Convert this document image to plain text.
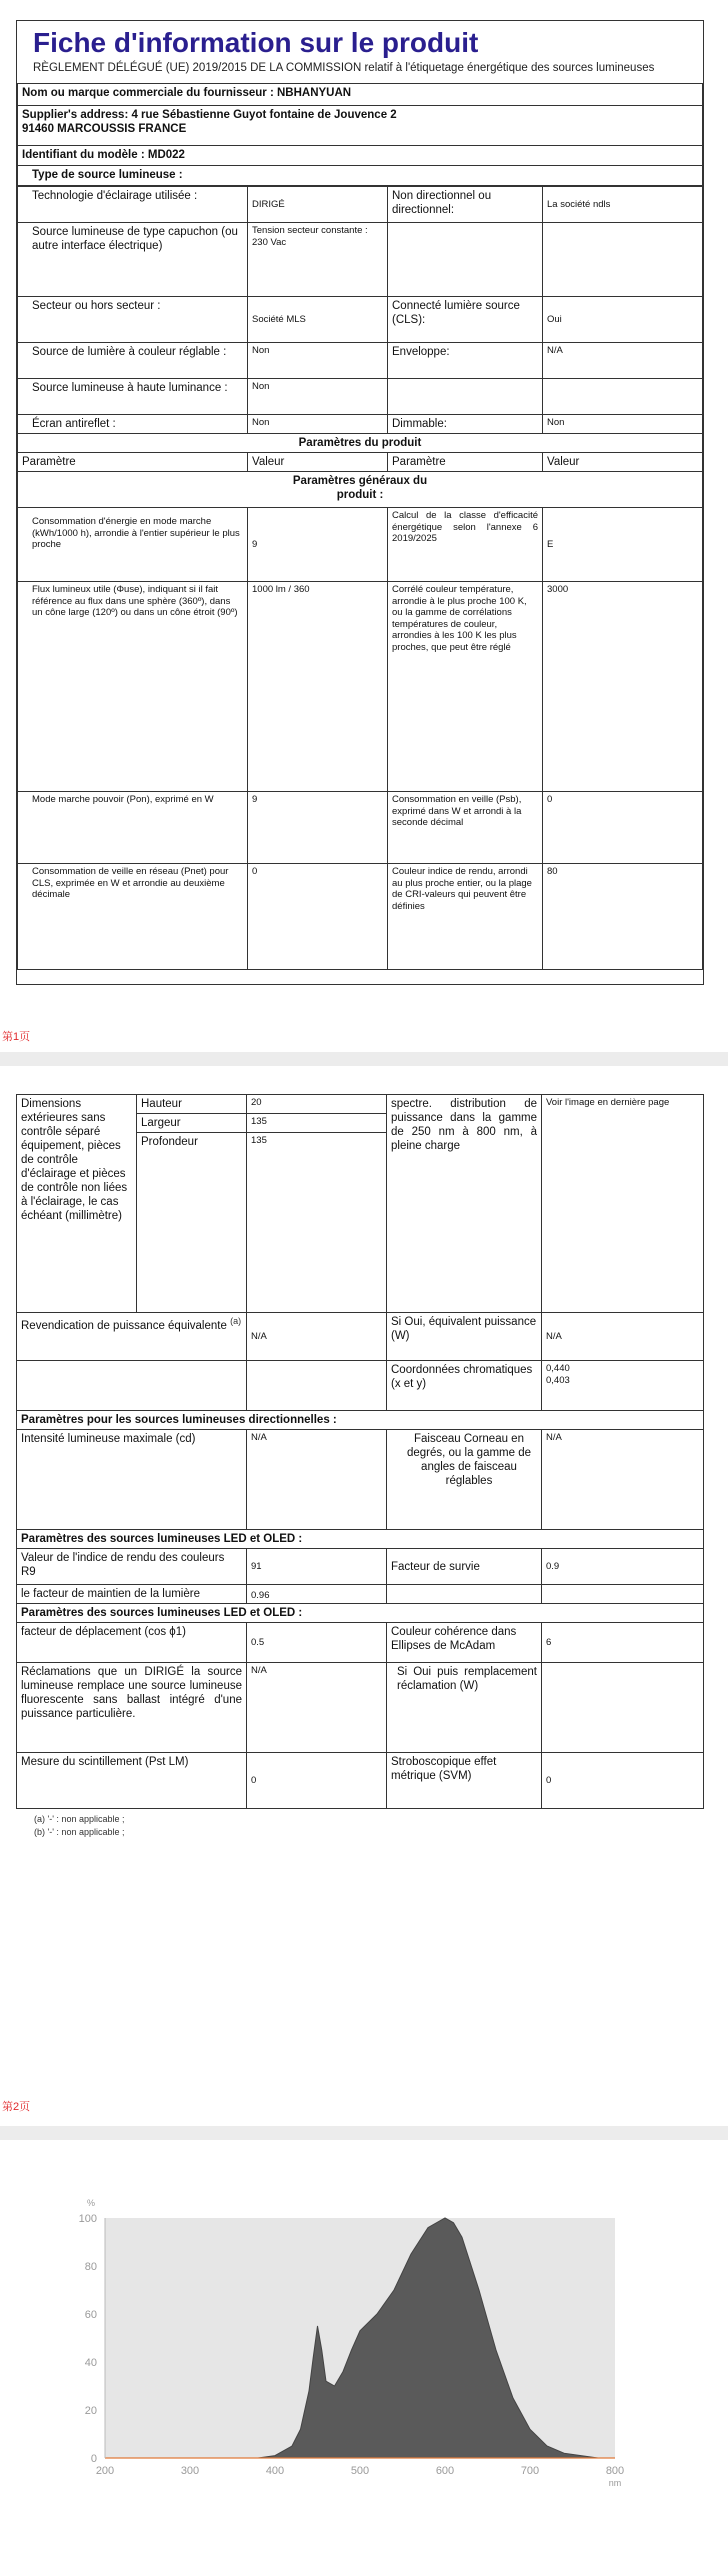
Fiche d'information sur le produit
RÈGLEMENT DÉLÉGUÉ (UE) 2019/2015 DE LA COMMISSION relatif à l'étiquetage énergétique des sources lumineuses
Nom ou marque commerciale du fournisseur : NBHANYUAN

Supplier's address: 4 rue Sébastienne Guyot fontaine de Jouvence 2
91460 MARCOUSSIS FRANCE

Identifiant du modèle : MD022
Type de source lumineuse :
Technologie d'éclairage utilisée :	DIRIGÉ	Non directionnel ou directionnel:	La société ndls
Source lumineuse de type capuchon (ou autre interface électrique)	Tension secteur constante : 230 Vac		
Secteur ou hors secteur :	Société MLS	Connecté lumière source (CLS):	Oui
Source de lumière à couleur réglable :	Non	Enveloppe:	N/A
Source lumineuse à haute luminance :	Non		
Écran antireflet :	Non	Dimmable:	Non
Paramètres du produit			
Paramètre	Valeur	Paramètre	Valeur

Paramètres généraux du produit :			

Consommation d'énergie en mode marche (kWh/1000 h), arrondie à l'entier supérieur le plus proche	9	Calcul de la classe d'efficacité énergétique selon l'annexe 6 2019/2025	E
Flux lumineux utile (Φuse), indiquant si il fait référence au flux dans une sphère (360º), dans un cône large (120º) ou dans un cône étroit (90º)	1000 lm / 360	Corrélé couleur température, arrondie à le plus proche 100 K, ou la gamme de corrélations températures de couleur, arrondies à les 100 K les plus proches, que peut être réglé	3000
Mode marche pouvoir (Pon), exprimé en W	9	Consommation en veille (Psb), exprimé dans W et arrondi à la seconde décimal	0
Consommation de veille en réseau (Pnet) pour CLS, exprimée en W et arrondie au deuxième décimale	0	Couleur indice de rendu, arrondi au plus proche entier, ou la plage de CRI-valeurs qui peuvent être définies	80
第1页
Dimensions extérieures sans contrôle séparé équipement, pièces de contrôle d'éclairage et pièces de contrôle non liées à l'éclairage, le cas échéant (millimètre)	Hauteur	20	spectre. distribution de puissance dans la gamme de 250 nm à 800 nm, à pleine charge	Voir l'image en dernière page
	Largeur	135		
	Profondeur	135		
Revendication de puissance équivalente $^{(a)}$		N/A	Si Oui, équivalent puissance (W)	N/A
			Coordonnées chromatiques (x et y)	0,440
0,403

Paramètres pour les sources lumineuses directionnelles :				
Intensité lumineuse maximale (cd)		N/A	Faisceau Corneau en degrés, ou la gamme de angles de faisceau réglables	N/A
Paramètres des sources lumineuses LED et OLED :				
Valeur de l'indice de rendu des couleurs R9		91	Facteur de survie	0.9
le facteur de maintien de la lumière		0.96		
Paramètres des sources lumineuses LED et OLED :				
facteur de déplacement (cos ϕ1)		0.5	Couleur cohérence dans Ellipses de McAdam	6
Réclamations que un DIRIGÉ la source lumineuse remplace une source lumineuse fluorescente sans ballast intégré d'une puissance particulière.		N/A	Si Oui puis remplacement réclamation (W)	
Mesure du scintillement (Pst LM)		0	Stroboscopique effet métrique (SVM)	0
(a) '-' : non applicable ;
(b) '-' : non applicable ;
第2页
0
20
40
60
80
100
200	300	400	500	600	700	800
%
nm
